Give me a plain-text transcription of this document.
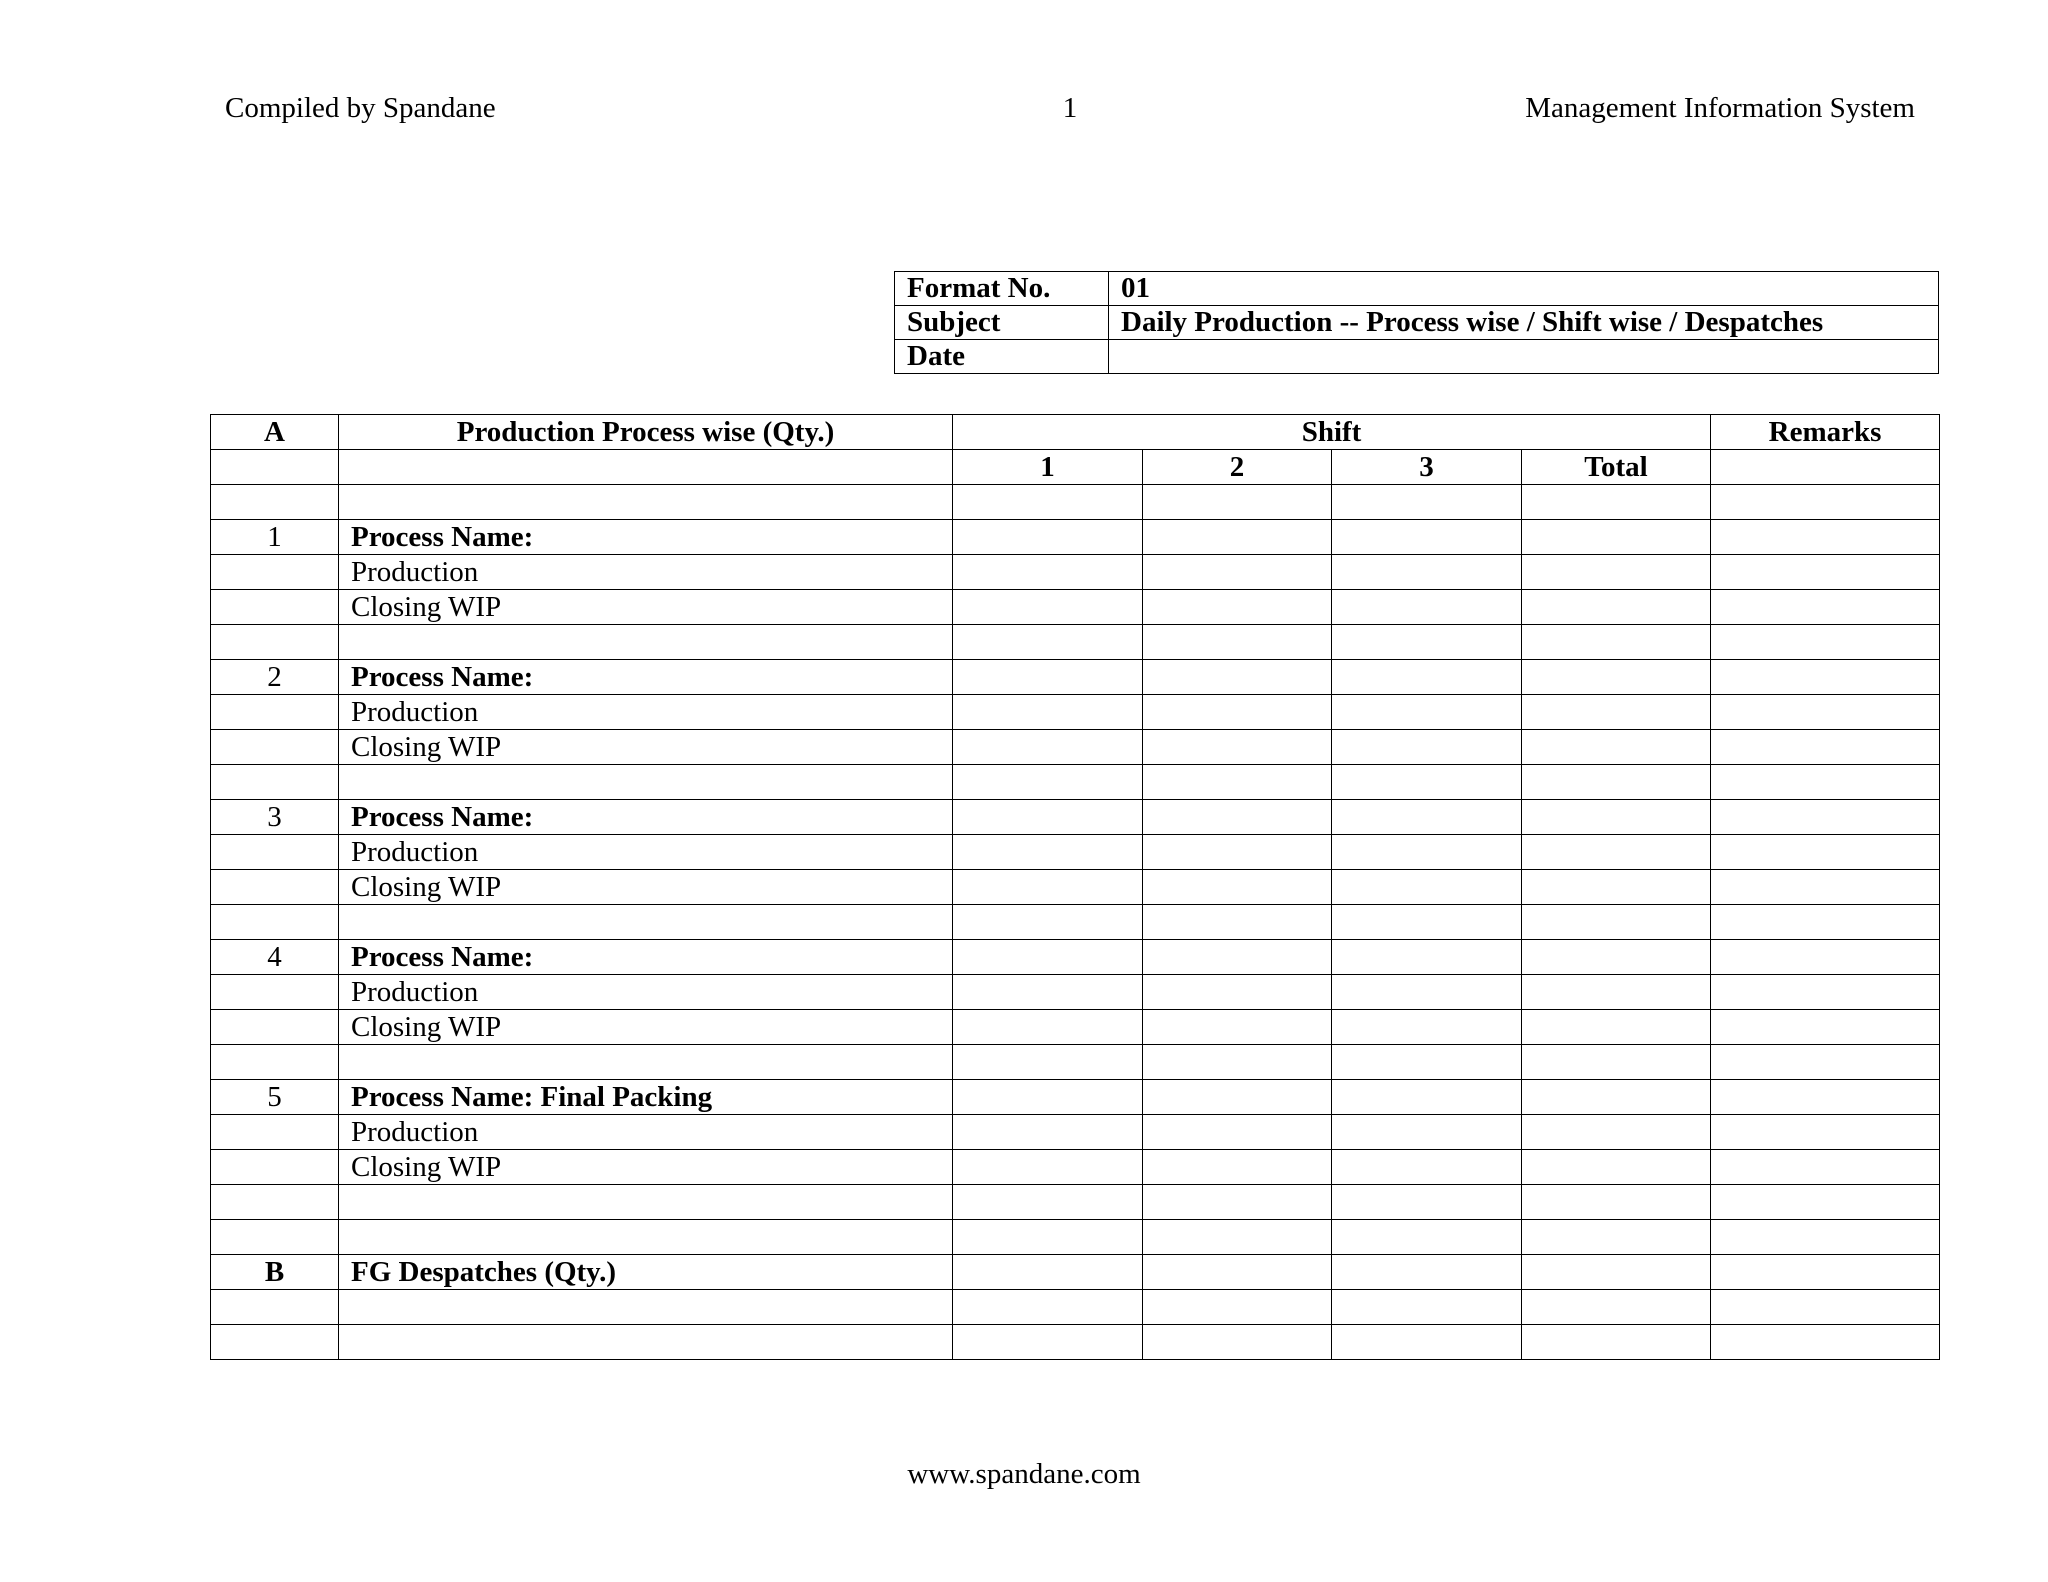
Compiled by Spandane	1	Management Information System
Format No.	01
Subject	Daily Production -- Process wise / Shift wise / Despatches
Date	
A	Production Process wise (Qty.)	Shift				Remarks
		1	2	3	Total	

1	Process Name:					
	Production					
	Closing WIP					

2	Process Name:					
	Production					
	Closing WIP					

3	Process Name:					
	Production					
	Closing WIP					

4	Process Name:					
	Production					
	Closing WIP					

5	Process Name: Final Packing					
	Production					
	Closing WIP					

B	FG Despatches (Qty.)					

www.spandane.com
